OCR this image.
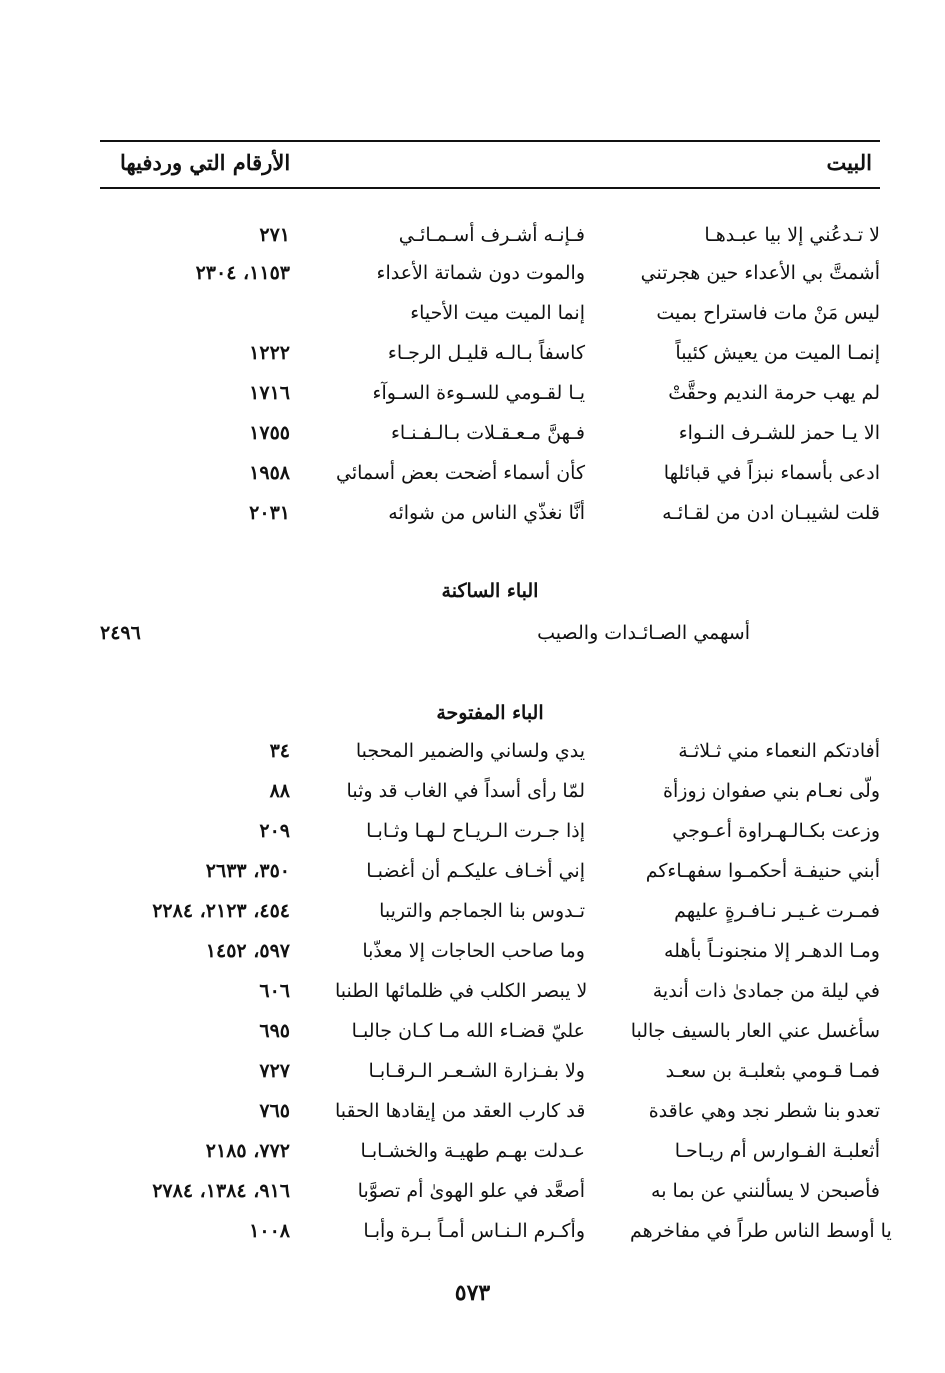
البيت
الأرقام التي وردفيها
لا تـدعُني إلا بيا عبـدهـا
فـإنـه أشـرف أسـمـائـي
٢٧١
أشمتَّ بي الأعداء حين هجرتني
والموت دون شماتة الأعداء
١١٥٣، ٢٣٠٤
ليس مَنْ مات فاستراح بميت
إنما الميت ميت الأحياء
إنمـا الميت من يعيش كئيباً
كاسفاً بـالـه قليـل الرجـاء
١٢٢٢
لم يهب حرمة النديم وحقَّتْ
يـا لقـومي للسـوءة السـوآء
١٧١٦
الا يـا حمز للشـرف النـواء
فـهنَّ مـعـقـلات بـالـفـنـاء
١٧٥٥
ادعى بأسماء نبزاً في قبائلها
كأن أسماء أضحت بعض أسمائي
١٩٥٨
قلت لشيبـان ادن من لقـائـه
أنَّا نغذّي الناس من شوائه
٢٠٣١
الباء الساكنة
أسهمي الصـائـدات والصيب
٢٤٩٦
الباء المفتوحة
أفادتكم النعماء مني ثـلاثـة
يدي ولساني والضمير المحجبا
٣٤
ولّى نعـام بني صفوان زوزأة
لمّا رأى أسداً في الغاب قد وثبا
٨٨
وزعت بكـالـهـراوة أعـوجي
إذا جـرت الـريـاح لـهـا وثـابـا
٢٠٩
أبني حنيفـة أحكمـوا سفهـاءكم
إني أخـاف عليكـم أن أغضبـا
٣٥٠، ٢٦٣٣
فمـرت غـيـر نـافـرةٍ عليهم
تـدوس بنا الجماجم والتريبا
٤٥٤، ٢١٢٣، ٢٢٨٤
ومـا الدهـر إلا منجنونـاً بأهله
وما صاحب الحاجات إلا معذّبا
٥٩٧، ١٤٥٢
في ليلة من جمادىٰ ذات أندية
لا يبصر الكلب في ظلمائها الطنبا
٦٠٦
سأغسل عني العار بالسيف جالبا
عليّ قضـاء الله مـا كـان جالبـا
٦٩٥
فمـا قـومي بثعلبـة بن سعـد
ولا بفـزارة الشـعـر الـرقـابـا
٧٢٧
تعدو بنا شطر نجد وهي عاقدة
قد كارب العقد من إيقادها الحقبا
٧٦٥
أثعلبـة الفـوارس أم ريـاحـا
عـدلت بهـم طهيـة والخشـابـا
٧٧٢، ٢١٨٥
فأصبحن لا يسألنني عن بما به
أصعَّد في علو الهوىٰ أم تصوَّبا
٩١٦، ١٣٨٤، ٢٧٨٤
يا أوسط الناس طراً في مفاخرهم
وأكـرم الـنـاس أمـاً بـرة وأبـا
١٠٠٨
٥٧٣
